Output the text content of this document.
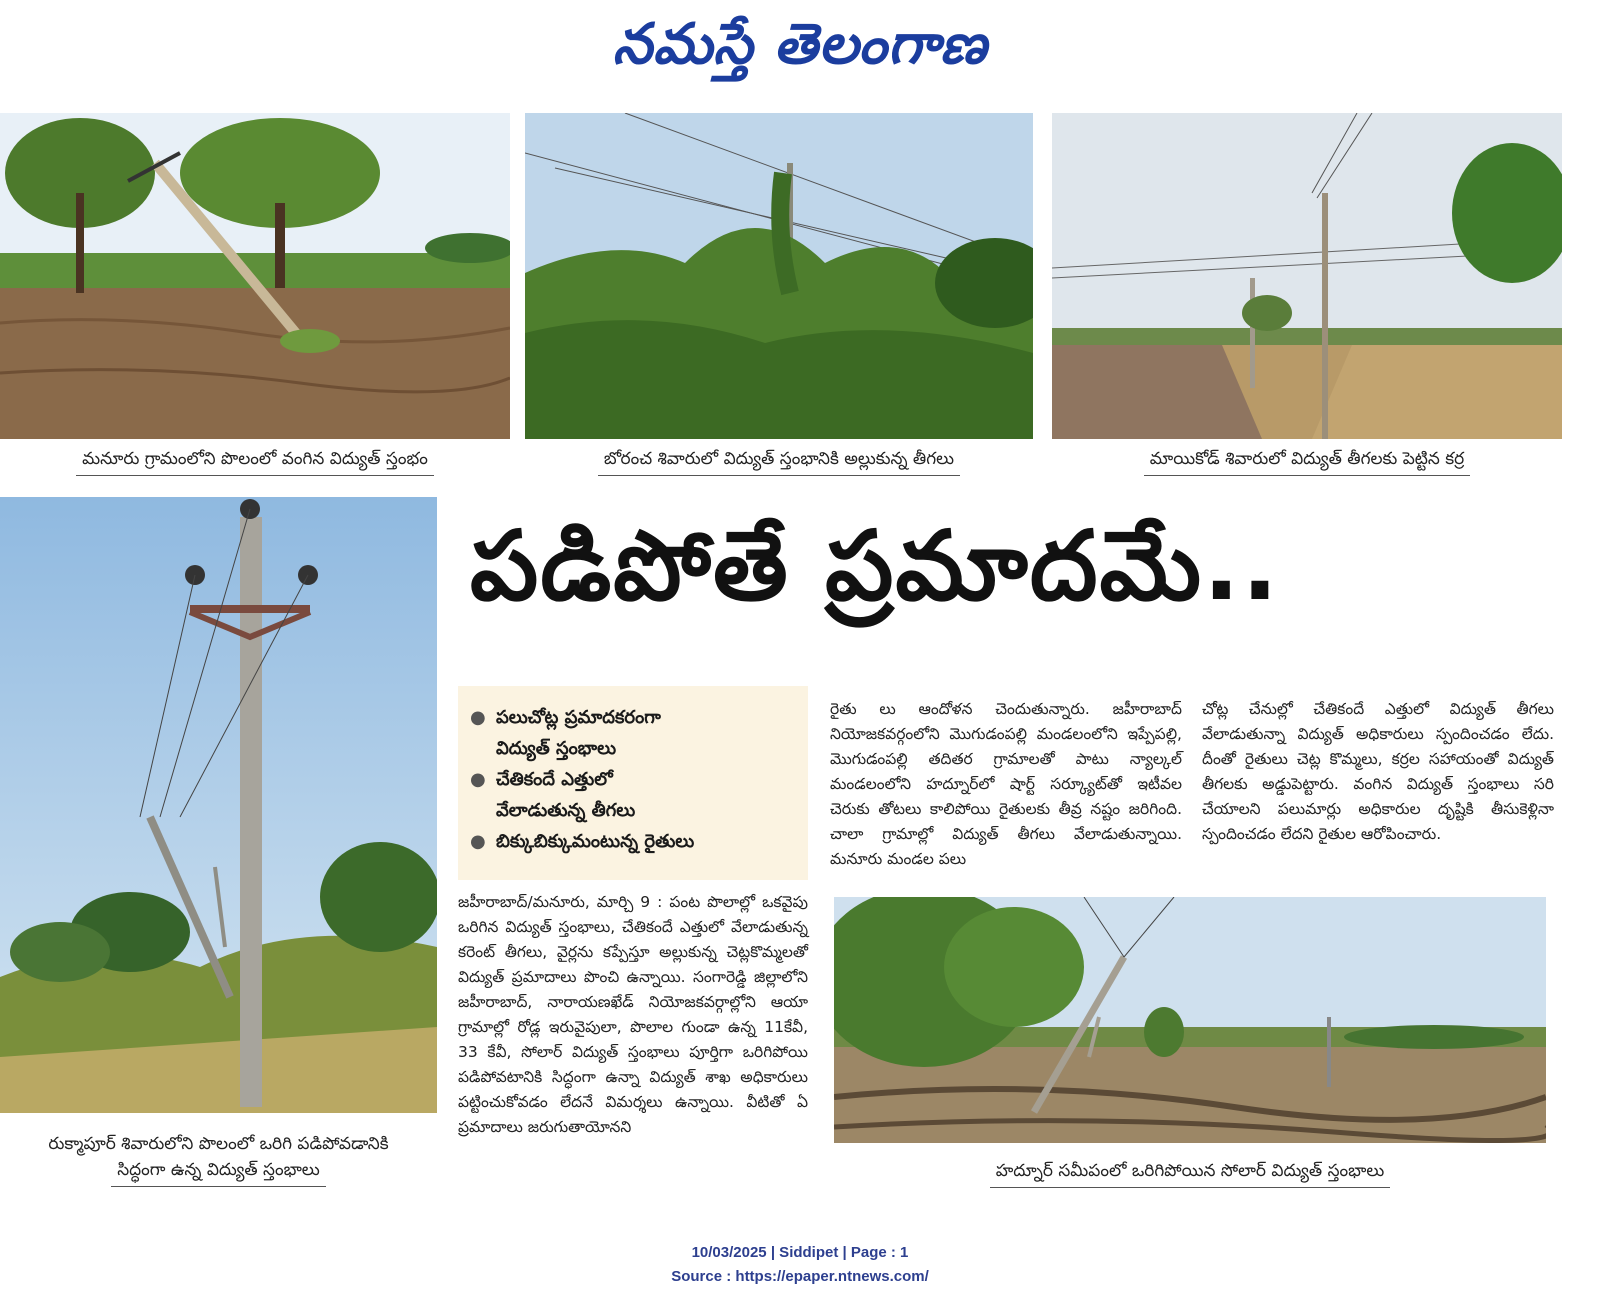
నమస్తే తెలంగాణ
మనూరు గ్రామంలోని పొలంలో వంగిన విద్యుత్ స్తంభం	బోరంచ శివారులో విద్యుత్ స్తంభానికి అల్లుకున్న తీగలు	మాయికోడ్ శివారులో విద్యుత్ తీగలకు పెట్టిన కర్ర
రుక్మాపూర్ శివారులోని పొలంలో ఒరిగి పడిపోవడానికి
సిద్ధంగా ఉన్న విద్యుత్ స్తంభాలు
పడిపోతే ప్రమాదమే..
● పలుచోట్ల ప్రమాదకరంగా
విద్యుత్ స్తంభాలు
● చేతికందే ఎత్తులో
వేలాడుతున్న తీగలు
● బిక్కుబిక్కుమంటున్న రైతులు

జహీరాబాద్/మనూరు, మార్చి 9 : పంట పొలాల్లో ఒకవైపు ఒరిగిన విద్యుత్ స్తంభాలు, చేతికందే ఎత్తులో వేలాడుతున్న కరెంట్ తీగలు, వైర్లను కప్పేస్తూ అల్లుకున్న చెట్లకొమ్మలతో విద్యుత్ ప్రమాదాలు పొంచి ఉన్నాయి. సంగారెడ్డి జిల్లాలోని జహీరాబాద్, నారాయణఖేడ్ నియోజకవర్గాల్లోని ఆయా గ్రామాల్లో రోడ్ల ఇరువైపులా, పొలాల గుండా ఉన్న 11కేవీ, 33 కేవీ, సోలార్ విద్యుత్ స్తంభాలు పూర్తిగా ఒరిగిపోయి పడిపోవటానికి సిద్ధంగా ఉన్నా విద్యుత్ శాఖ అధికారులు పట్టించుకోవడం లేదనే విమర్శలు ఉన్నాయి. వీటితో ఏ ప్రమాదాలు జరుగుతాయోనని

రైతు లు ఆందోళన చెందుతున్నారు. జహీరాబాద్ నియోజకవర్గంలోని మొగుడంపల్లి మండలంలోని ఇప్పేపల్లి, మొగుడంపల్లి తదితర గ్రామాలతో పాటు న్యాల్కల్ మండలంలోని హద్నూర్‌లో షార్ట్ సర్క్యూట్‌తో ఇటీవల చెరుకు తోటలు కాలిపోయి రైతులకు తీవ్ర నష్టం జరిగింది. చాలా గ్రామాల్లో విద్యుత్ తీగలు వేలాడుతున్నాయి. మనూరు మండల పలు

చోట్ల చేనుల్లో చేతికందే ఎత్తులో విద్యుత్ తీగలు వేలాడుతున్నా విద్యుత్ అధికారులు స్పందించడం లేదు. దీంతో రైతులు చెట్ల కొమ్మలు, కర్రల సహాయంతో విద్యుత్ తీగలకు అడ్డుపెట్టారు. వంగిన విద్యుత్ స్తంభాలు సరి చేయాలని పలుమార్లు అధికారుల దృష్టికి తీసుకెళ్లినా స్పందించడం లేదని రైతుల ఆరోపించారు.

హద్నూర్ సమీపంలో ఒరిగిపోయిన సోలార్ విద్యుత్ స్తంభాలు
10/03/2025 | Siddipet | Page : 1
Source : https://epaper.ntnews.com/
